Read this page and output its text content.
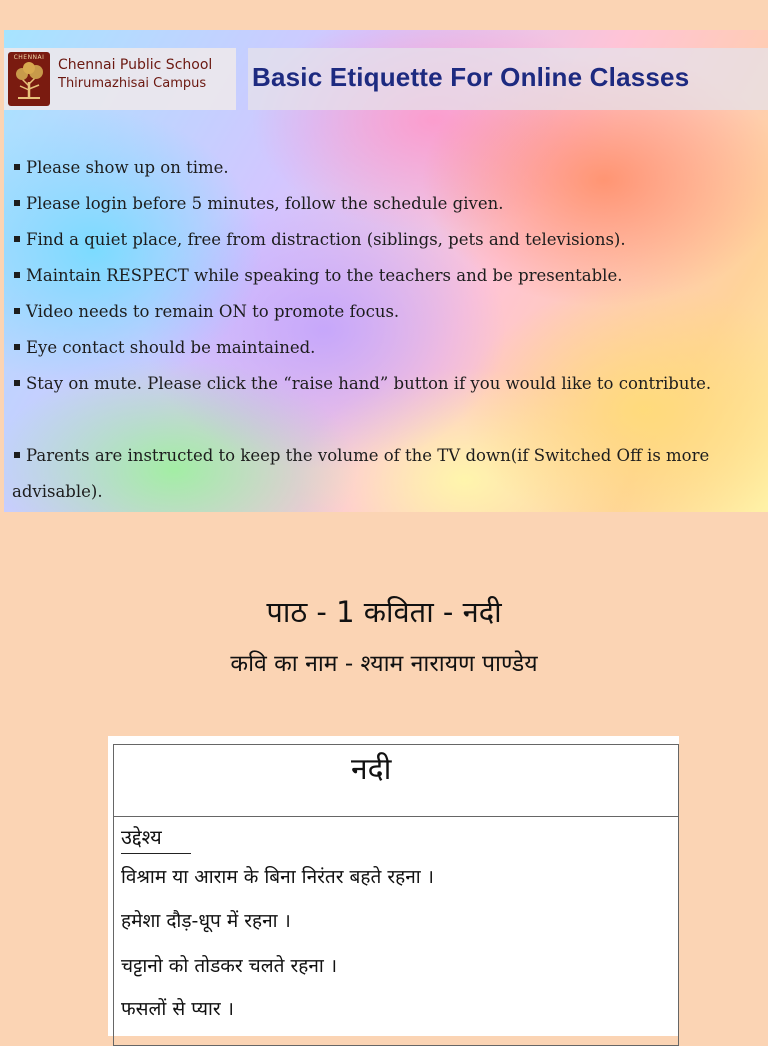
CHENNAI Chennai Public School
Thirumazhisai Campus Basic Etiquette For Online Classes
Please show up on time.
Please login before 5 minutes, follow the schedule given.
Find a quiet place, free from distraction (siblings, pets and televisions).
Maintain RESPECT while speaking to the teachers and be presentable.
Video needs to remain ON to promote focus.
Eye contact should be maintained.
Stay on mute. Please click the “raise hand” button if you would like to contribute.
Parents are instructed to keep the volume of the TV down(if Switched Off is more advisable).
पाठ - 1 कविता - नदी
कवि का नाम - श्याम नारायण पाण्डेय
नदी
उद्देश्य
विश्राम या आराम के बिना निरंतर बहते रहना ।
हमेशा दौड़-धूप में रहना ।
चट्टानो को तोडकर चलते रहना ।
फसलों से प्यार ।
